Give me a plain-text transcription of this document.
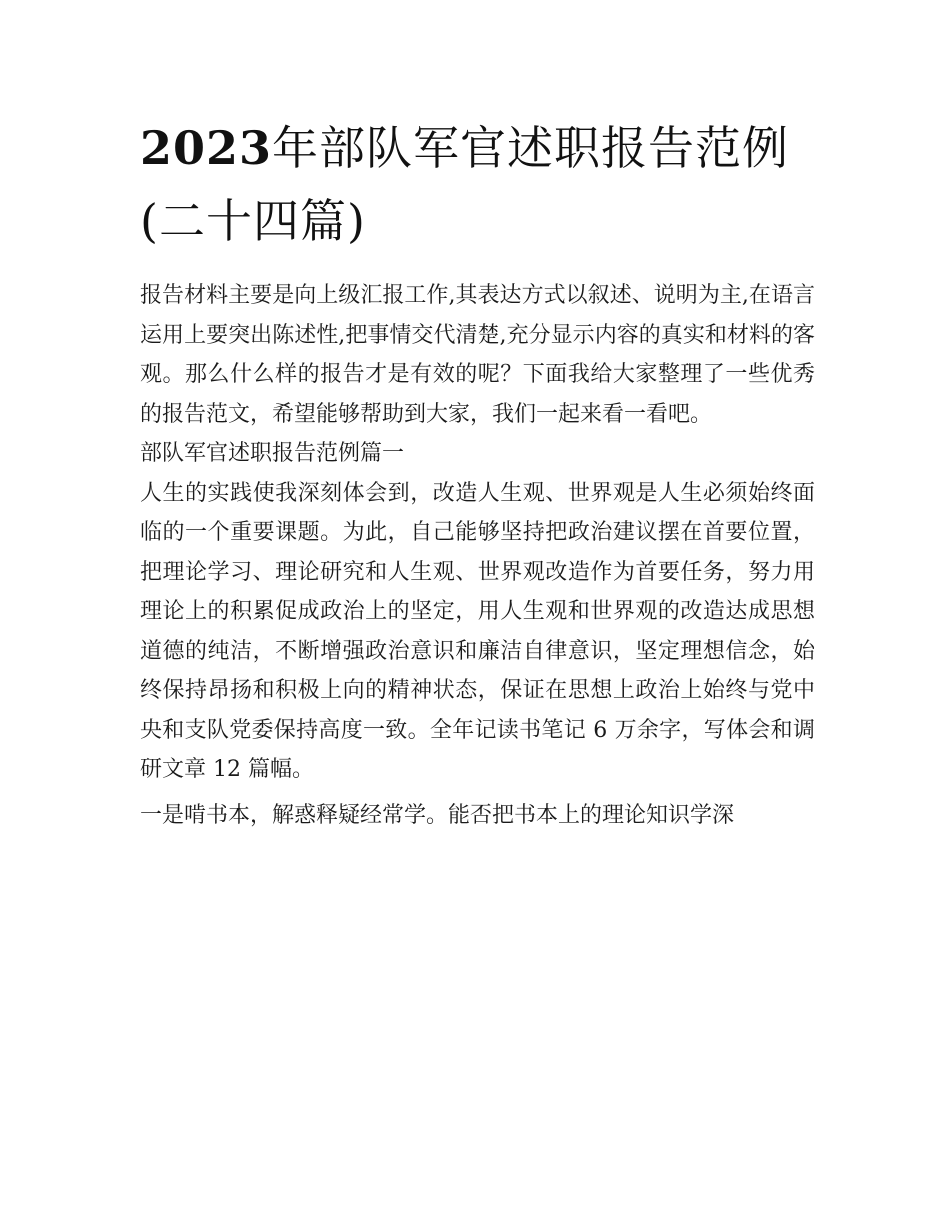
2023年部队军官述职报告范例(二十四篇)

报告材料主要是向上级汇报工作,其表达方式以叙述、说明为主,在语言运用上要突出陈述性,把事情交代清楚,充分显示内容的真实和材料的客观。那么什么样的报告才是有效的呢？下面我给大家整理了一些优秀的报告范文，希望能够帮助到大家，我们一起来看一看吧。

部队军官述职报告范例篇一

人生的实践使我深刻体会到，改造人生观、世界观是人生必须始终面临的一个重要课题。为此，自己能够坚持把政治建议摆在首要位置，把理论学习、理论研究和人生观、世界观改造作为首要任务，努力用理论上的积累促成政治上的坚定，用人生观和世界观的改造达成思想道德的纯洁，不断增强政治意识和廉洁自律意识，坚定理想信念，始终保持昂扬和积极上向的精神状态，保证在思想上政治上始终与党中央和支队党委保持高度一致。全年记读书笔记 6 万余字，写体会和调研文章 12 篇幅。

一是啃书本，解惑释疑经常学。能否把书本上的理论知识学深
